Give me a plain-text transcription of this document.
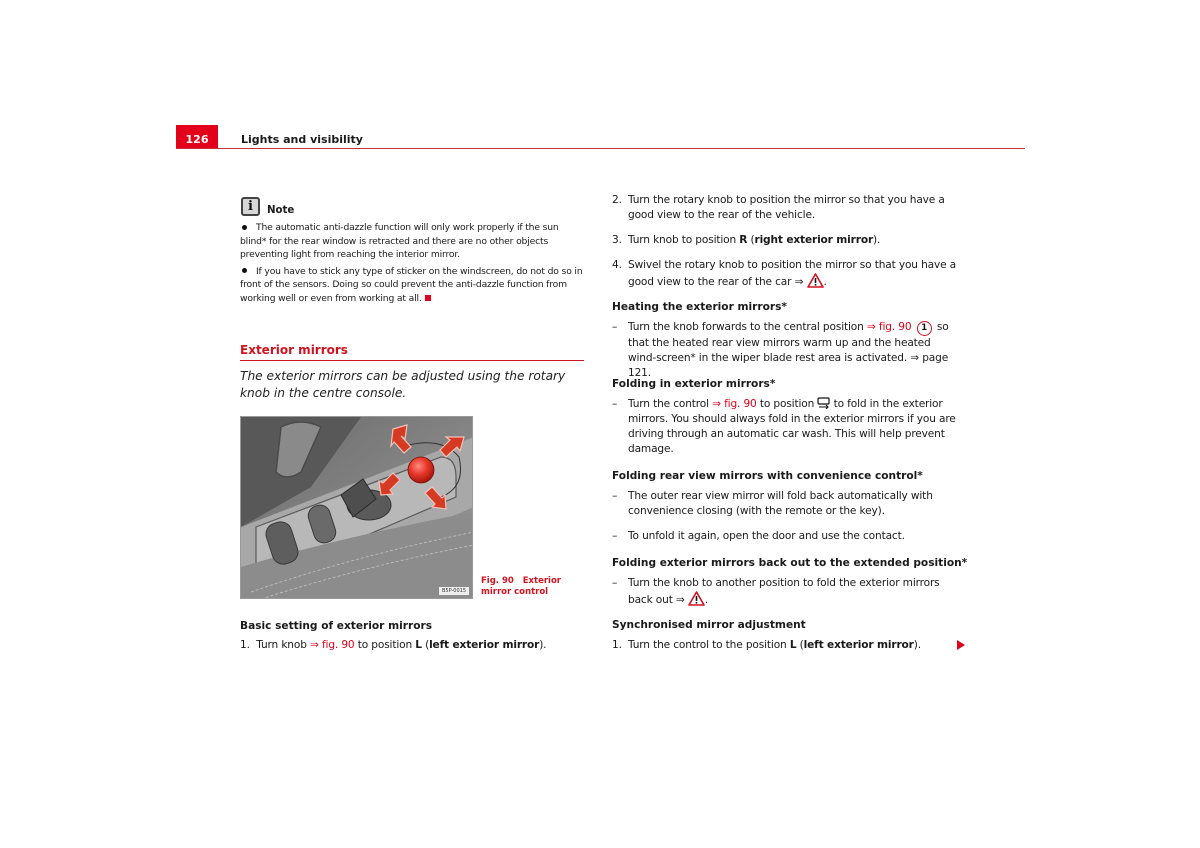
126	Lights and visibility
i	Note
The automatic anti-dazzle function will only work properly if the sun blind* for the rear window is retracted and there are no other objects preventing light from reaching the interior mirror.
If you have to stick any type of sticker on the windscreen, do not do so in front of the sensors. Doing so could prevent the anti-dazzle function from working well or even from working at all.
Exterior mirrors
The exterior mirrors can be adjusted using the rotary knob in the centre console.
B5P-0015
Fig. 90 Exterior mirror control
Basic setting of exterior mirrors
1. Turn knob ⇒ fig. 90 to position L (left exterior mirror).
2. Turn the rotary knob to position the mirror so that you have a good view to the rear of the vehicle.
3. Turn knob to position R (right exterior mirror).
4. Swivel the rotary knob to position the mirror so that you have a good view to the rear of the car ⇒ .
Heating the exterior mirrors*
– Turn the knob forwards to the central position ⇒ fig. 90 1 so that the heated rear view mirrors warm up and the heated wind-screen* in the wiper blade rest area is activated. ⇒ page 121.
Folding in exterior mirrors*
– Turn the control ⇒ fig. 90 to position  to fold in the exterior mirrors. You should always fold in the exterior mirrors if you are driving through an automatic car wash. This will help prevent damage.
Folding rear view mirrors with convenience control*
– The outer rear view mirror will fold back automatically with convenience closing (with the remote or the key).
– To unfold it again, open the door and use the contact.
Folding exterior mirrors back out to the extended position*
– Turn the knob to another position to fold the exterior mirrors back out ⇒ .
Synchronised mirror adjustment
1. Turn the control to the position L (left exterior mirror).
